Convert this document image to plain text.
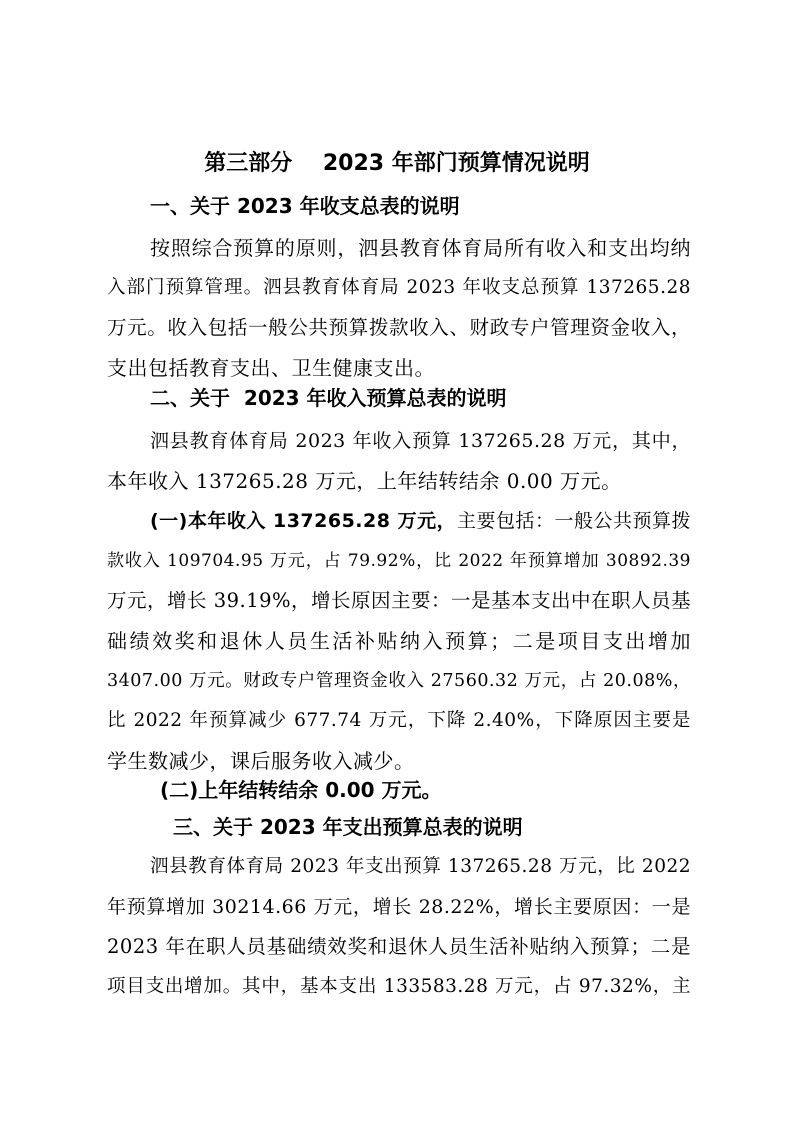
第三部分    2023 年部门预算情况说明
一、关于 2023 年收支总表的说明
按照综合预算的原则，泗县教育体育局所有收入和支出均纳
入部门预算管理。泗县教育体育局 2023 年收支总预算 137265.28
万元。收入包括一般公共预算拨款收入、财政专户管理资金收入，
支出包括教育支出、卫生健康支出。
二、关于  2023 年收入预算总表的说明
泗县教育体育局 2023 年收入预算 137265.28 万元，其中，
本年收入 137265.28 万元，上年结转结余 0.00 万元。
(一)本年收入 137265.28 万元， 主要包括：一般公共预算拨
款收入 109704.95 万元，占 79.92%，比 2022 年预算增加 30892.39
万元，增长 39.19%，增长原因主要：一是基本支出中在职人员基
础绩效奖和退休人员生活补贴纳入预算；二是项目支出增加
3407.00 万元。财政专户管理资金收入 27560.32 万元，占 20.08%，
比 2022 年预算减少 677.74 万元，下降 2.40%，下降原因主要是
学生数减少，课后服务收入减少。
(二)上年结转结余 0.00 万元。
三、关于 2023 年支出预算总表的说明
泗县教育体育局 2023 年支出预算 137265.28 万元，比 2022
年预算增加 30214.66 万元，增长 28.22%，增长主要原因：一是
2023 年在职人员基础绩效奖和退休人员生活补贴纳入预算；二是
项目支出增加。其中，基本支出 133583.28 万元，占 97.32%，主
